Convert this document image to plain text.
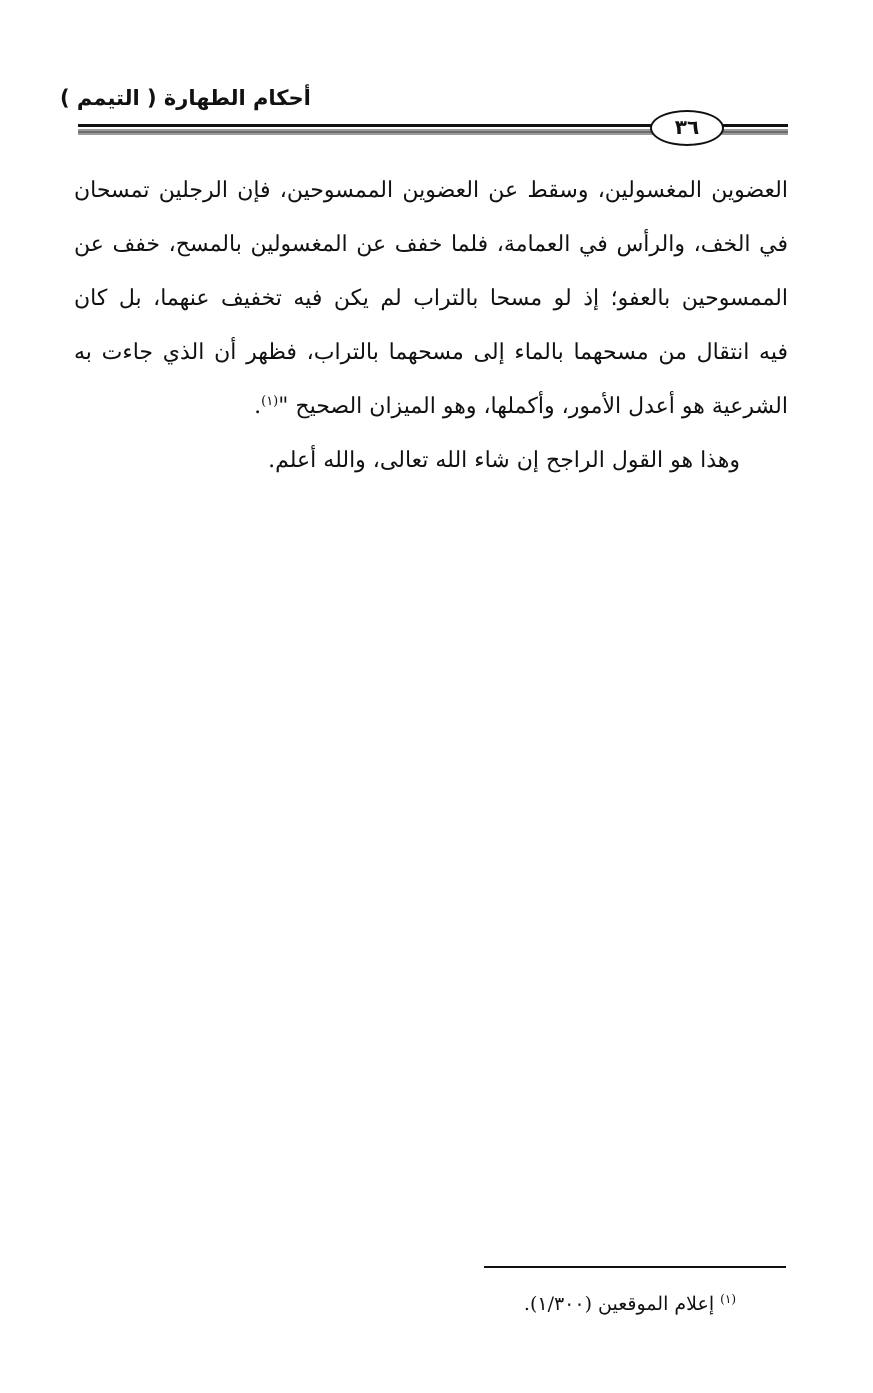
أحكام الطهارة ( التيمم )
٣٦
العضوين المغسولين، وسقط عن العضوين الممسوحين، فإن الرجلين تمسحان
في الخف، والرأس في العمامة، فلما خفف عن المغسولين بالمسح، خفف عن
الممسوحين بالعفو؛ إذ لو مسحا بالتراب لم يكن فيه تخفيف عنهما، بل كان
فيه انتقال من مسحهما بالماء إلى مسحهما بالتراب، فظهر أن الذي جاءت به
الشرعية هو أعدل الأمور، وأكملها، وهو الميزان الصحيح "$^{(١)}$.
وهذا هو القول الراجح إن شاء الله تعالى، والله أعلم.
$^{(١)}$ إعلام الموقعين (١/٣٠٠).
